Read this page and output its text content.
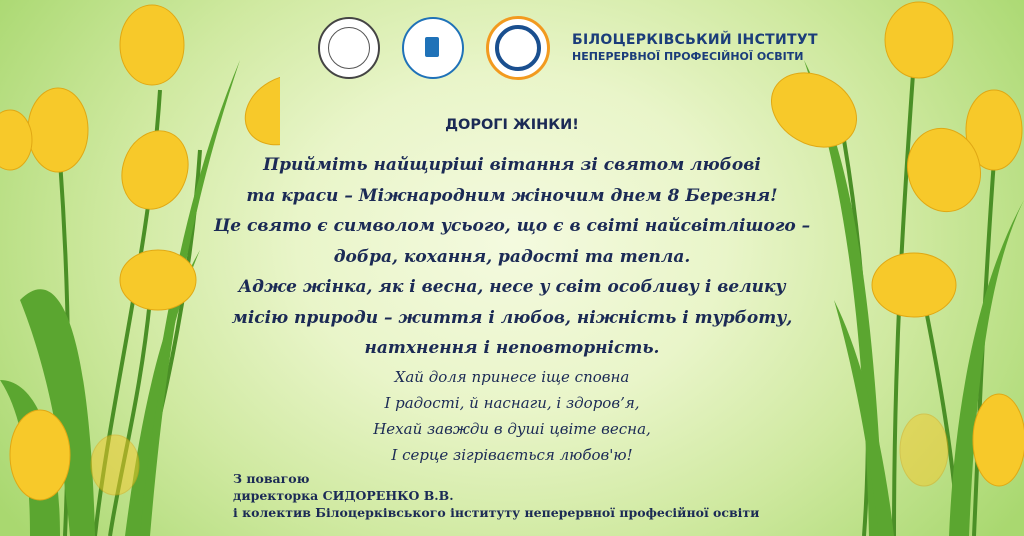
БІЛОЦЕРКІВСЬКИЙ ІНСТИТУТ
НЕПЕРЕРВНОЇ ПРОФЕСІЙНОЇ ОСВІТИ
ДОРОГІ ЖІНКИ!
Прийміть найщиріші вітання зі святом любові
та краси – Міжнародним жіночим днем 8 Березня!
Це свято є символом усього, що є в світі найсвітлішого –
добра, кохання, радості та тепла.
Адже жінка, як і весна, несе у світ особливу і велику
місію природи – життя і любов, ніжність і турботу,
натхнення і неповторність.
Хай доля принесе іще сповна
І радості, й наснаги, і здоров’я,
Нехай завжди в душі цвіте весна,
І серце зігрівається любов'ю!
З повагою
директорка СИДОРЕНКО В.В.
і колектив Білоцерківського інституту неперервної професійної освіти
